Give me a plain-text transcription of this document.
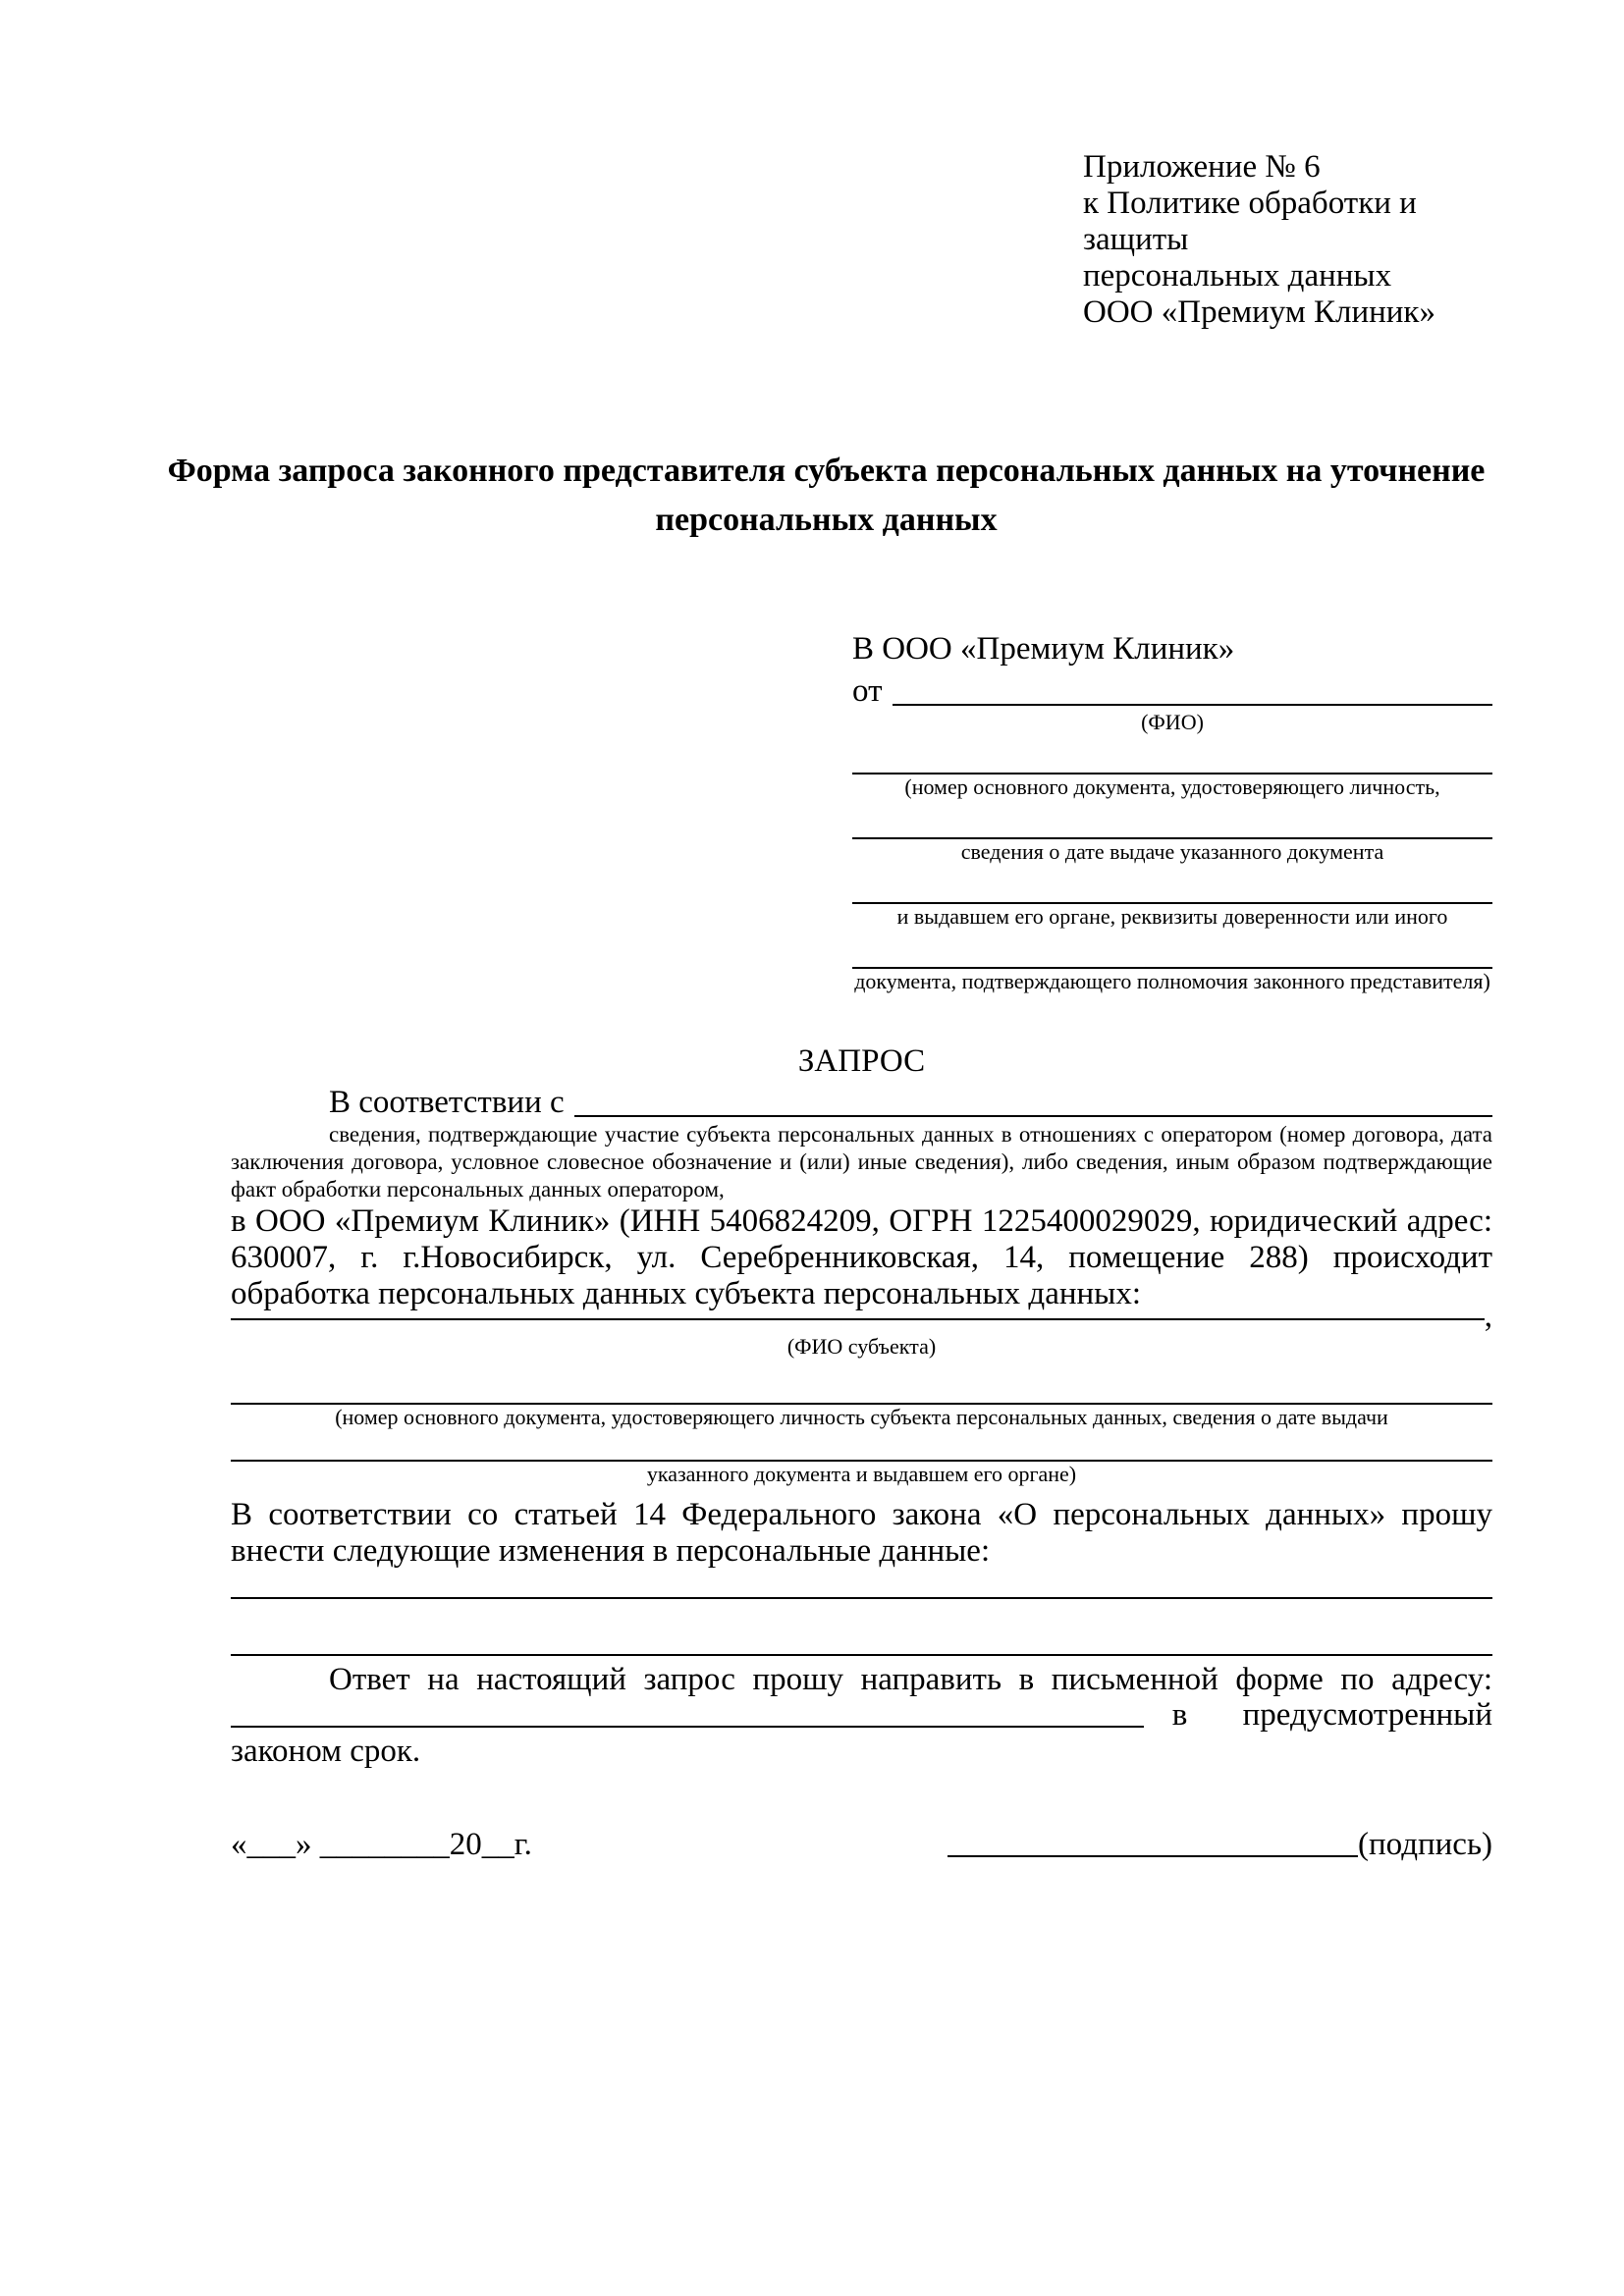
Приложение № 6
к Политике обработки и защиты
персональных данных
ООО «Премиум Клиник»
Форма запроса законного представителя субъекта персональных данных на уточнение персональных данных
В ООО «Премиум Клиник»
от
(ФИО)
(номер основного документа, удостоверяющего личность,
сведения о дате выдаче указанного документа
и выдавшем его органе, реквизиты доверенности или иного
документа, подтверждающего полномочия законного представителя)
ЗАПРОС
В соответствии с
сведения, подтверждающие участие субъекта персональных данных в отношениях с оператором (номер договора, дата заключения договора, условное словесное обозначение и (или) иные сведения), либо сведения, иным образом подтверждающие факт обработки персональных данных оператором,

в ООО «Премиум Клиник» (ИНН 5406824209, ОГРН 1225400029029, юридический адрес: 630007, г. г.Новосибирск, ул. Серебренниковская, 14, помещение 288) происходит обработка персональных данных субъекта персональных данных:

,
(ФИО субъекта)
(номер основного документа, удостоверяющего личность субъекта персональных данных, сведения о дате выдачи
указанного документа и выдавшем его органе)

В соответствии со статьей 14 Федерального закона «О персональных данных» прошу внести следующие изменения в персональные данные:

Ответ на настоящий запрос прошу направить в письменной форме по адресу:

в предусмотренный
законом срок.
«___» ________20__г.	(подпись)
